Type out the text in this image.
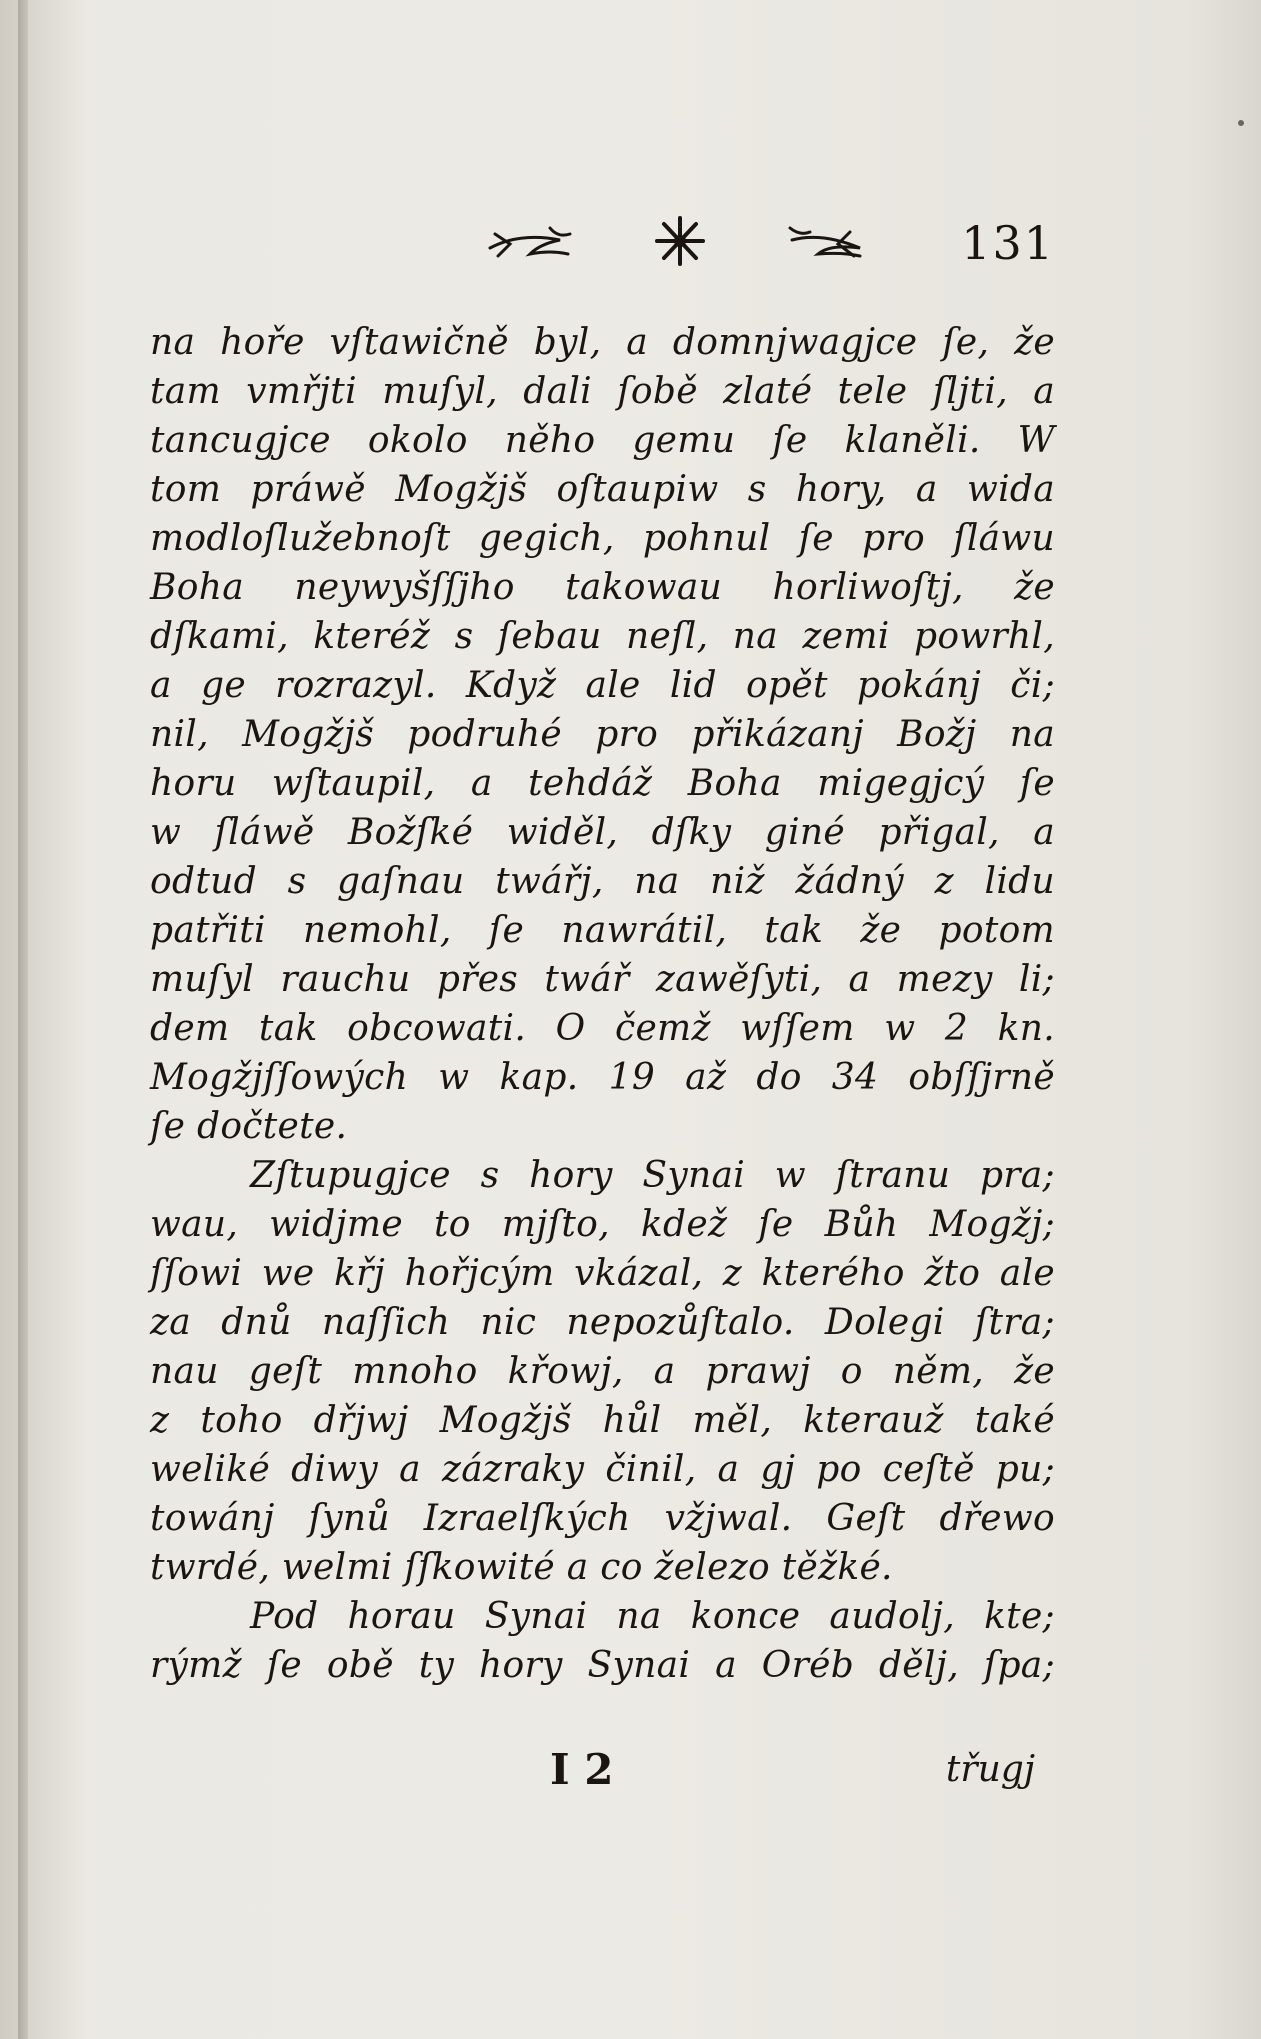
131
na hoře vſtawičně byl, a domnjwagjce ſe, že
tam vmřjti muſyl, dali ſobě zlaté tele ſljti, a
tancugjce okolo něho gemu ſe klaněli. W
tom práwě Mogžjš oſtaupiw s hory, a wida
modloſlužebnoſt gegich, pohnul ſe pro ſláwu
Boha neywyšſſjho takowau horliwoſtj, že
dſkami, kteréž s ſebau neſl, na zemi powrhl,
a ge rozrazyl. Když ale lid opět pokánj či;
nil, Mogžjš podruhé pro přikázanj Božj na
horu wſtaupil, a tehdáž Boha migegjcý ſe
w ſláwě Božſké widěl, dſky giné přigal, a
odtud s gaſnau twářj, na niž žádný z lidu
patřiti nemohl, ſe nawrátil, tak že potom
muſyl rauchu přes twář zawěſyti, a mezy li;
dem tak obcowati. O čemž wſſem w 2 kn.
Mogžjſſowých w kap. 19 až do 34 obſſjrně
ſe dočtete.
Zſtupugjce s hory Synai w ſtranu pra;
wau, widjme to mjſto, kdež ſe Bůh Mogžj;
ſſowi we křj hořjcým vkázal, z kterého žto ale
za dnů naſſich nic nepozůſtalo. Dolegi ſtra;
nau geſt mnoho křowj, a prawj o něm, že
z toho dřjwj Mogžjš hůl měl, kterauž také
weliké diwy a zázraky činil, a gj po ceſtě pu;
towánj ſynů Izraelſkých vžjwal. Geſt dřewo
twrdé, welmi ſſkowité a co železo těžké.
Pod horau Synai na konce audolj, kte;
rýmž ſe obě ty hory Synai a Oréb dělj, ſpa;
I 2	třugj
